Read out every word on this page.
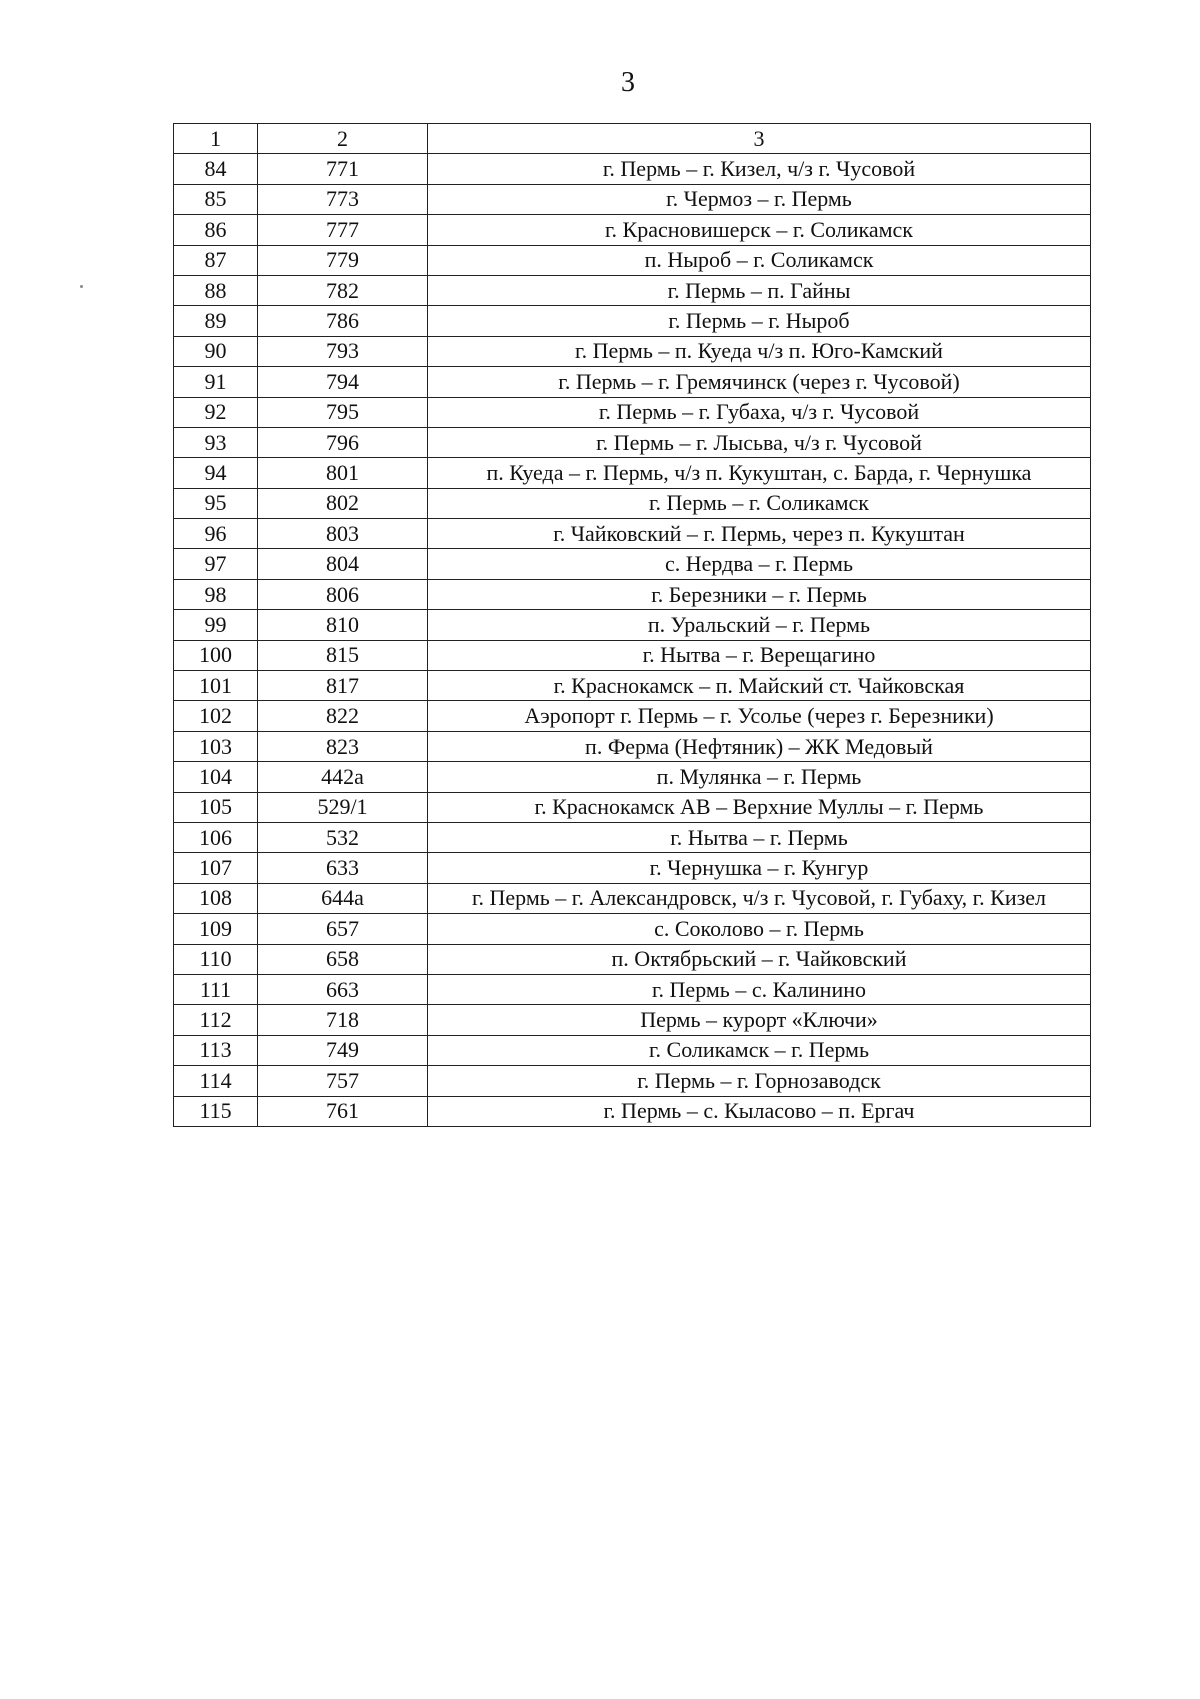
3
1	2	3
84	771	г. Пермь – г. Кизел, ч/з г. Чусовой
85	773	г. Чермоз – г. Пермь
86	777	г. Красновишерск – г. Соликамск
87	779	п. Ныроб – г. Соликамск
88	782	г. Пермь – п. Гайны
89	786	г. Пермь – г. Ныроб
90	793	г. Пермь – п. Куеда ч/з п. Юго-Камский
91	794	г. Пермь – г. Гремячинск (через г. Чусовой)
92	795	г. Пермь – г. Губаха, ч/з г. Чусовой
93	796	г. Пермь – г. Лысьва, ч/з г. Чусовой
94	801	п. Куеда – г. Пермь, ч/з п. Кукуштан, с. Барда, г. Чернушка
95	802	г. Пермь – г. Соликамск
96	803	г. Чайковский – г. Пермь, через п. Кукуштан
97	804	с. Нердва – г. Пермь
98	806	г. Березники – г. Пермь
99	810	п. Уральский – г. Пермь
100	815	г. Нытва – г. Верещагино
101	817	г. Краснокамск – п. Майский ст. Чайковская
102	822	Аэропорт г. Пермь – г. Усолье (через г. Березники)
103	823	п. Ферма (Нефтяник) – ЖК Медовый
104	442а	п. Мулянка – г. Пермь
105	529/1	г. Краснокамск АВ – Верхние Муллы – г. Пермь
106	532	г. Нытва – г. Пермь
107	633	г. Чернушка – г. Кунгур
108	644а	г. Пермь – г. Александровск, ч/з г. Чусовой, г. Губаху, г. Кизел
109	657	с. Соколово – г. Пермь
110	658	п. Октябрьский – г. Чайковский
111	663	г. Пермь – с. Калинино
112	718	Пермь – курорт «Ключи»
113	749	г. Соликамск – г. Пермь
114	757	г. Пермь – г. Горнозаводск
115	761	г. Пермь – с. Кыласово – п. Ергач
